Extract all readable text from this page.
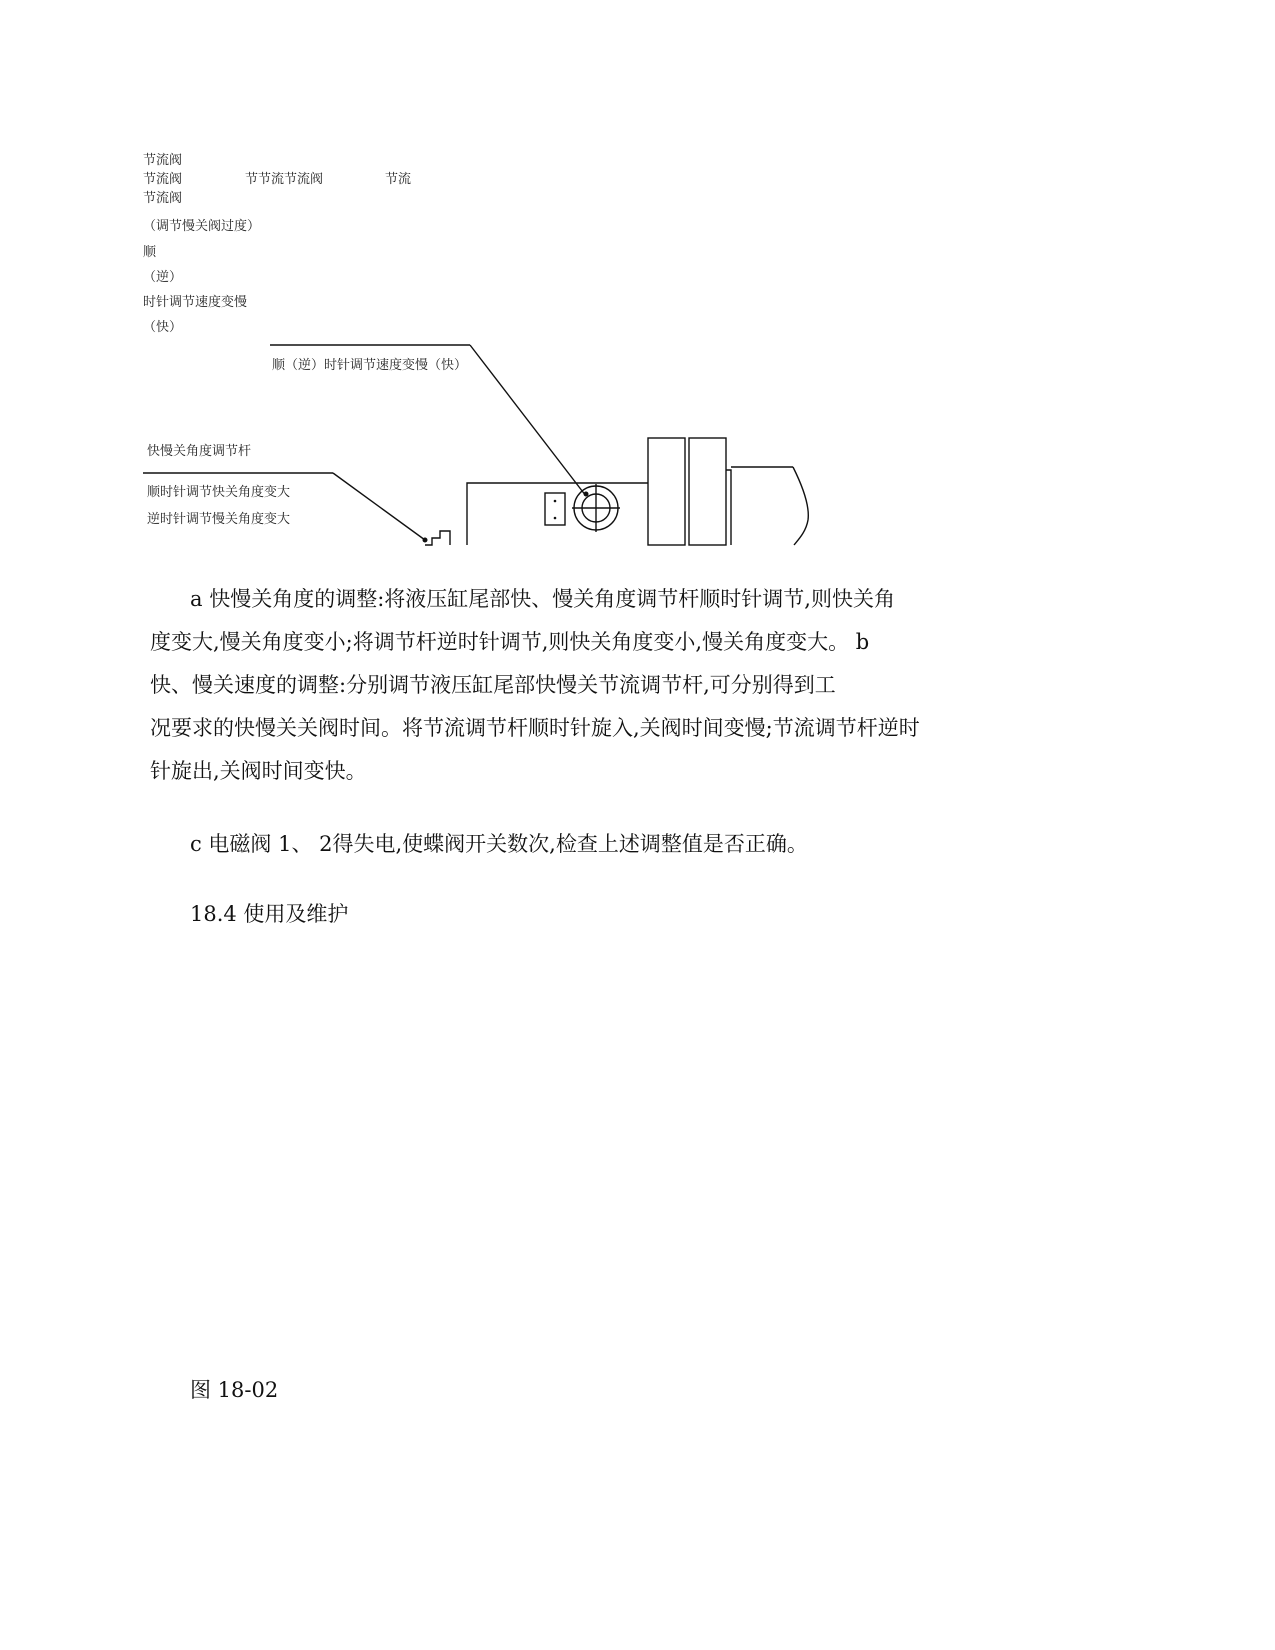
节流阀
节流阀
节流阀
（调节慢关阀过度）
顺
（逆）
时针调节速度变慢
（快）
节节流节流阀	节流
顺（逆）时针调节速度变慢（快）
快慢关角度调节杆
顺时针调节快关角度变大
逆时针调节慢关角度变大
a 快慢关角度的调整:将液压缸尾部快、慢关角度调节杆顺时针调节,则快关角
度变大,慢关角度变小;将调节杆逆时针调节,则快关角度变小,慢关角度变大。 b
快、慢关速度的调整:分别调节液压缸尾部快慢关节流调节杆,可分别得到工
况要求的快慢关关阀时间。将节流调节杆顺时针旋入,关阀时间变慢;节流调节杆逆时
针旋出,关阀时间变快。
c 电磁阀 1、 2得失电,使蝶阀开关数次,检查上述调整值是否正确。
18.4 使用及维护
图 18-02
